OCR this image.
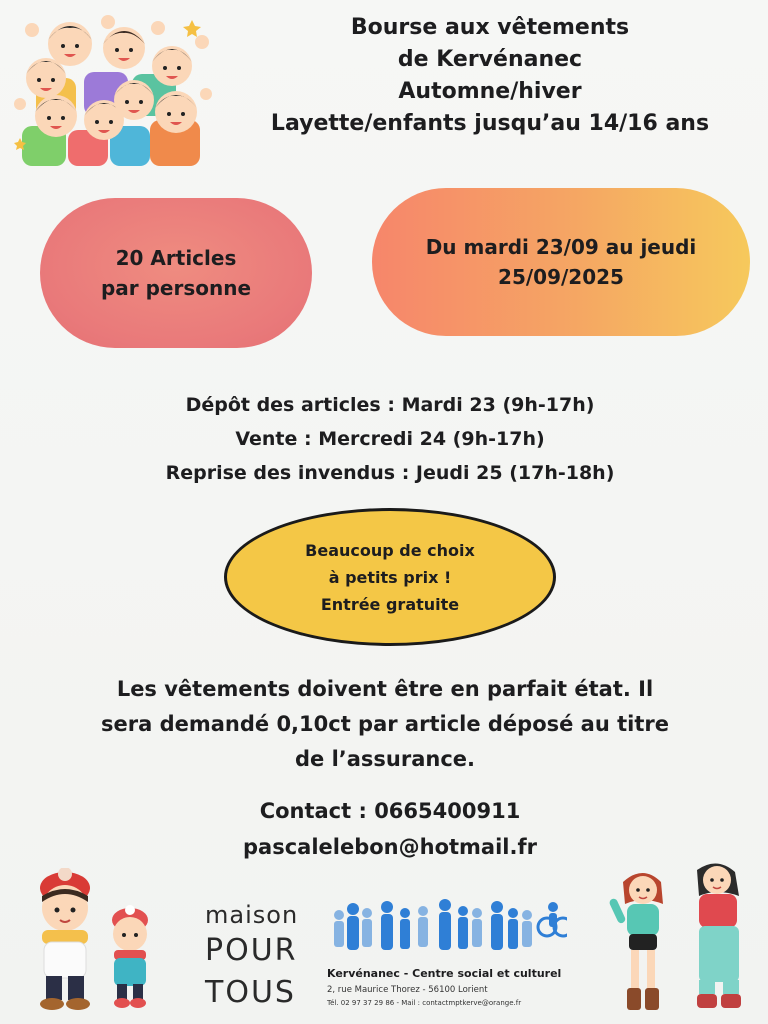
Bourse aux vêtements
de Kervénanec
Automne/hiver
Layette/enfants jusqu’au 14/16 ans
20 Articles
par personne
Du mardi 23/09 au jeudi
25/09/2025
Dépôt des articles : Mardi 23 (9h-17h)
Vente : Mercredi 24 (9h-17h)
Reprise des invendus : Jeudi 25 (17h-18h)
Beaucoup de choix
à petits prix !
Entrée gratuite
Les vêtements doivent être en parfait état. Il
sera demandé 0,10ct par article déposé au titre
de l’assurance.
Contact : 0665400911
pascalelebon@hotmail.fr
maison
POUR
TOUS
Kervénanec - Centre social et culturel
2, rue Maurice Thorez - 56100 Lorient
Tél. 02 97 37 29 86 - Mail : contactmptkerve@orange.fr
